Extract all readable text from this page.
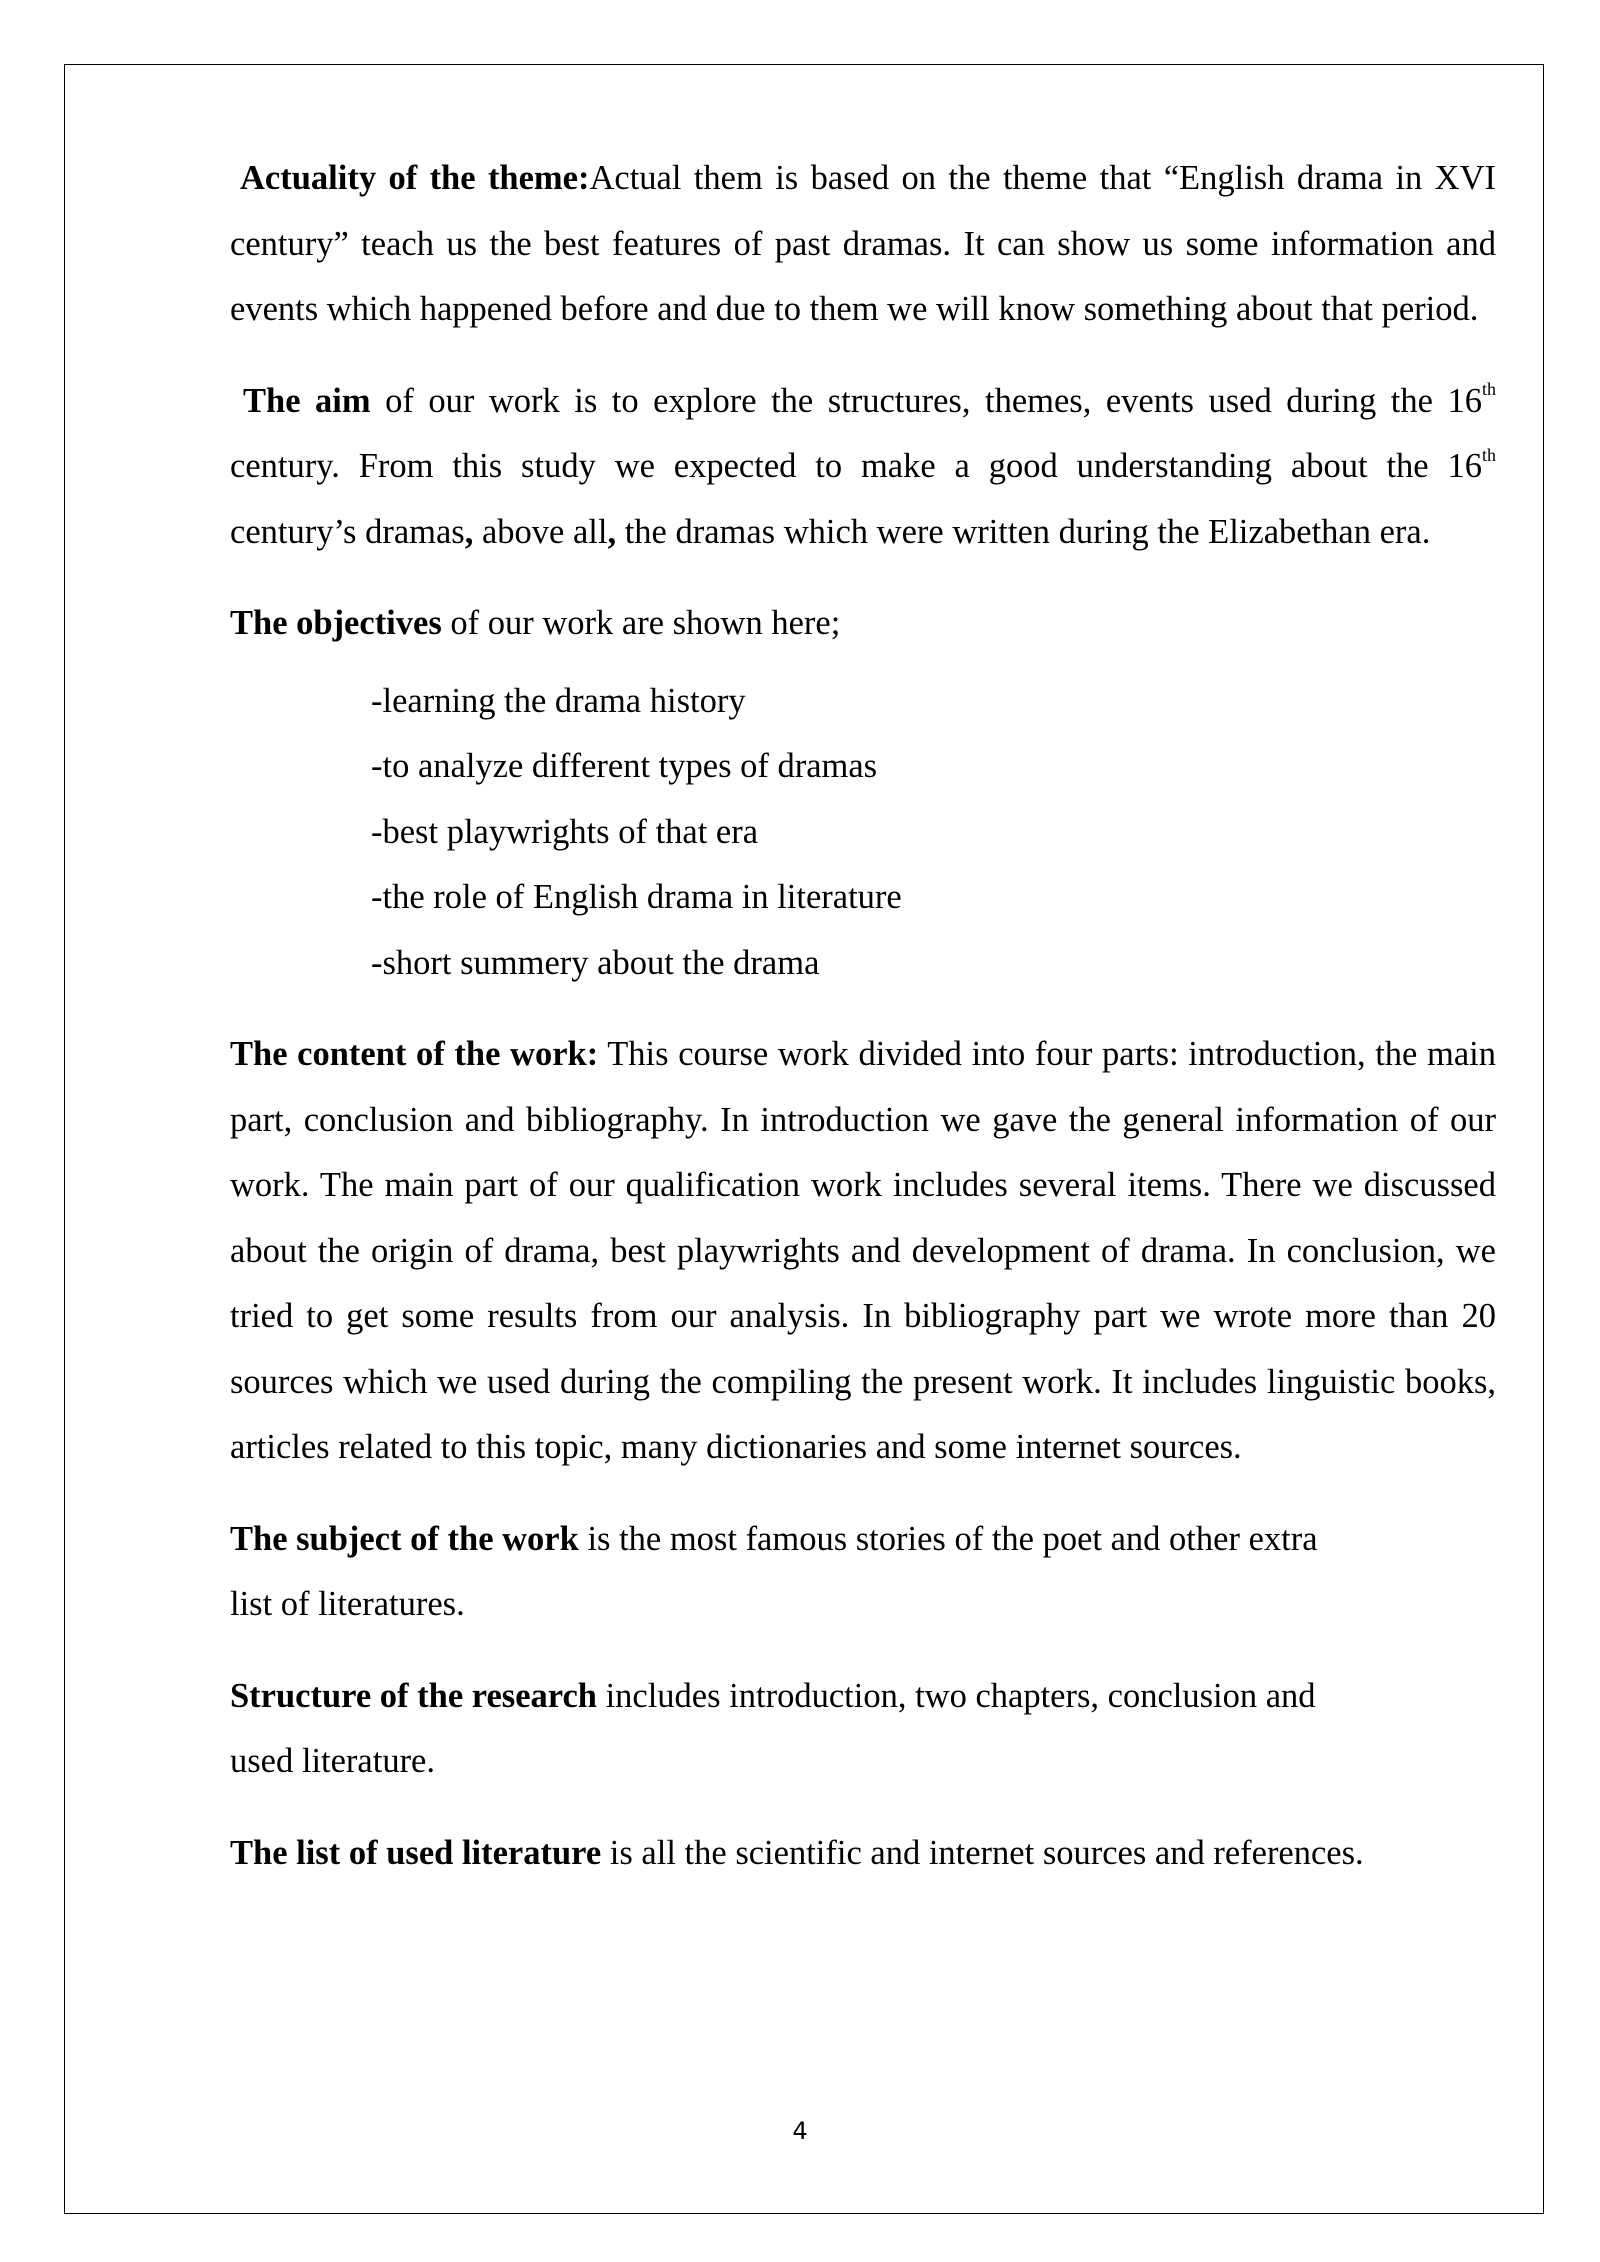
Actuality of the theme:Actual them is based on the theme that “English drama in XVI century” teach us the best features of past dramas. It can show us some information and events which happened before and due to them we will know something about that period.

The aim of our work is to explore the structures, themes, events used during the 16th century. From this study we expected to make a good understanding about the 16th century’s dramas, above all, the dramas which were written during the Elizabethan era.

The objectives of our work are shown here;

-learning the drama history
-to analyze different types of dramas
-best playwrights of that era
-the role of English drama in literature
-short summery about the drama

The content of the work: This course work divided into four parts: introduction, the main part, conclusion and bibliography. In introduction we gave the general information of our work. The main part of our qualification work includes several items. There we discussed about the origin of drama, best playwrights and development of drama. In conclusion, we tried to get some results from our analysis. In bibliography part we wrote more than 20 sources which we used during the compiling the present work. It includes linguistic books, articles related to this topic, many dictionaries and some internet sources.

The subject of the work is the most famous stories of the poet and other extra
list of literatures.

Structure of the research includes introduction, two chapters, conclusion and
used literature.

The list of used literature is all the scientific and internet sources and references.

4
